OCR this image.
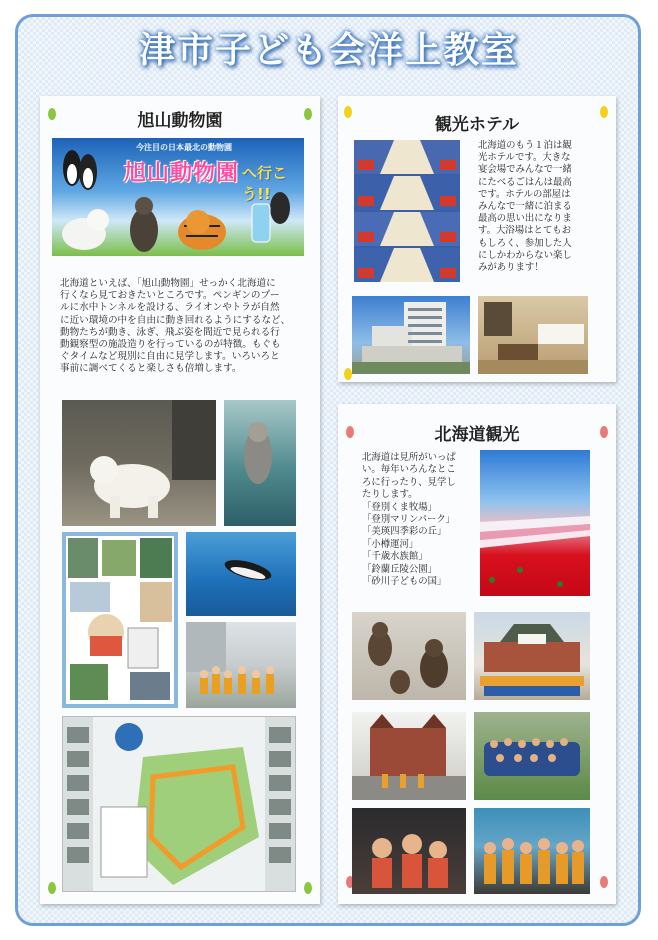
津市子ども会洋上教室
旭山動物園
今注目の日本最北の動物園
旭山動物園 へ行こう!!

北海道といえば、「旭山動物園」せっかく北海道に

行くなら見ておきたいところです。ペンギンのプー

ルに水中トンネルを設ける、ライオンやトラが自然

に近い環境の中を自由に動き回れるようにするなど、

動物たちが動き、泳ぎ、飛ぶ姿を間近で見られる行

動観察型の施設造りを行っているのが特徴。もぐも

ぐタイムなど現別に自由に見学します。いろいろと

事前に調べてくると楽しさも倍増します。

観光ホテル

北海道のもう１泊は観

光ホテルです。大きな

宴会場でみんなで一緒

にたべるごはんは最高

です。ホテルの部屋は

みんなで一緒に泊まる

最高の思い出になりま

す。大浴場はとてもお

もしろく、参加した人

にしかわからない楽し

みがあります！

北海道観光

北海道は見所がいっぱ

い。毎年いろんなとこ

ろに行ったり、見学し

たりします。

「登別くま牧場」

「登別マリンパーク」

「美瑛四季彩の丘」

「小樽運河」

「千歳水族館」

「鈴蘭丘陵公園」

「砂川子どもの国」
